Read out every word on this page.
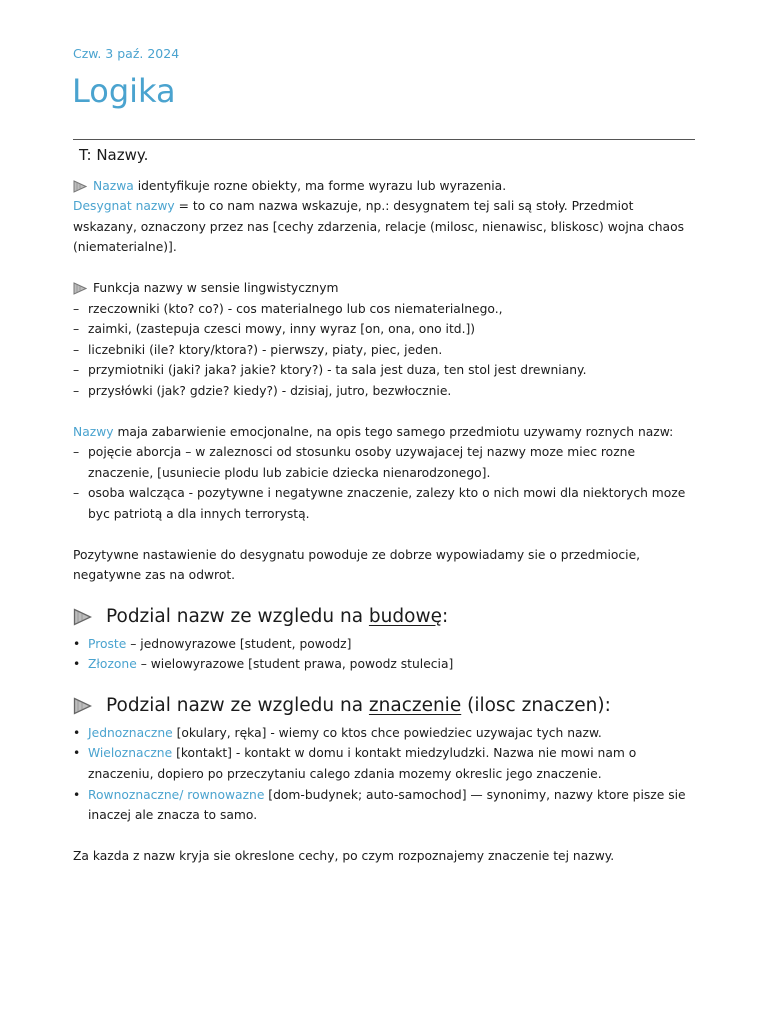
Czw. 3 paź. 2024
Logika
T: Nazwy.

Nazwa identyfikuje rozne obiekty, ma forme wyrazu lub wyrazenia.
Desygnat nazwy = to co nam nazwa wskazuje, np.: desygnatem tej sali są stoły. Przedmiot wskazany, oznaczony przez nas [cechy zdarzenia, relacje (milosc, nienawisc, bliskosc) wojna chaos (niematerialne)].

Funkcja nazwy w sensie lingwistycznym

– rzeczowniki (kto? co?) - cos materialnego lub cos niematerialnego.,
– zaimki, (zastepuja czesci mowy, inny wyraz [on, ona, ono itd.])
– liczebniki (ile? ktory/ktora?) - pierwszy, piaty, piec, jeden.
– przymiotniki (jaki? jaka? jakie? ktory?) - ta sala jest duza, ten stol jest drewniany.
– przysłówki (jak? gdzie? kiedy?) - dzisiaj, jutro, bezwłocznie.

Nazwy maja zabarwienie emocjonalne, na opis tego samego przedmiotu uzywamy roznych nazw:

– pojęcie aborcja – w zaleznosci od stosunku osoby uzywajacej tej nazwy moze miec rozne znaczenie, [usuniecie plodu lub zabicie dziecka nienarodzonego].
– osoba walcząca - pozytywne i negatywne znaczenie, zalezy kto o nich mowi dla niektorych moze byc patriotą a dla innych terrorystą.

Pozytywne nastawienie do desygnatu powoduje ze dobrze wypowiadamy sie o przedmiocie, negatywne zas na odwrot.

Podzial nazw ze wzgledu na budowę:
• Proste – jednowyrazowe [student, powodz]
• Złozone – wielowyrazowe [student prawa, powodz stulecia]
Podzial nazw ze wzgledu na znaczenie (ilosc znaczen):
• Jednoznaczne [okulary, ręka] - wiemy co ktos chce powiedziec uzywajac tych nazw.
• Wieloznaczne [kontakt] - kontakt w domu i kontakt miedzyludzki. Nazwa nie mowi nam o znaczeniu, dopiero po przeczytaniu calego zdania mozemy okreslic jego znaczenie.
• Rownoznaczne/ rownowazne [dom-budynek; auto-samochod] — synonimy, nazwy ktore pisze sie inaczej ale znacza to samo.

Za kazda z nazw kryja sie okreslone cechy, po czym rozpoznajemy znaczenie tej nazwy.
